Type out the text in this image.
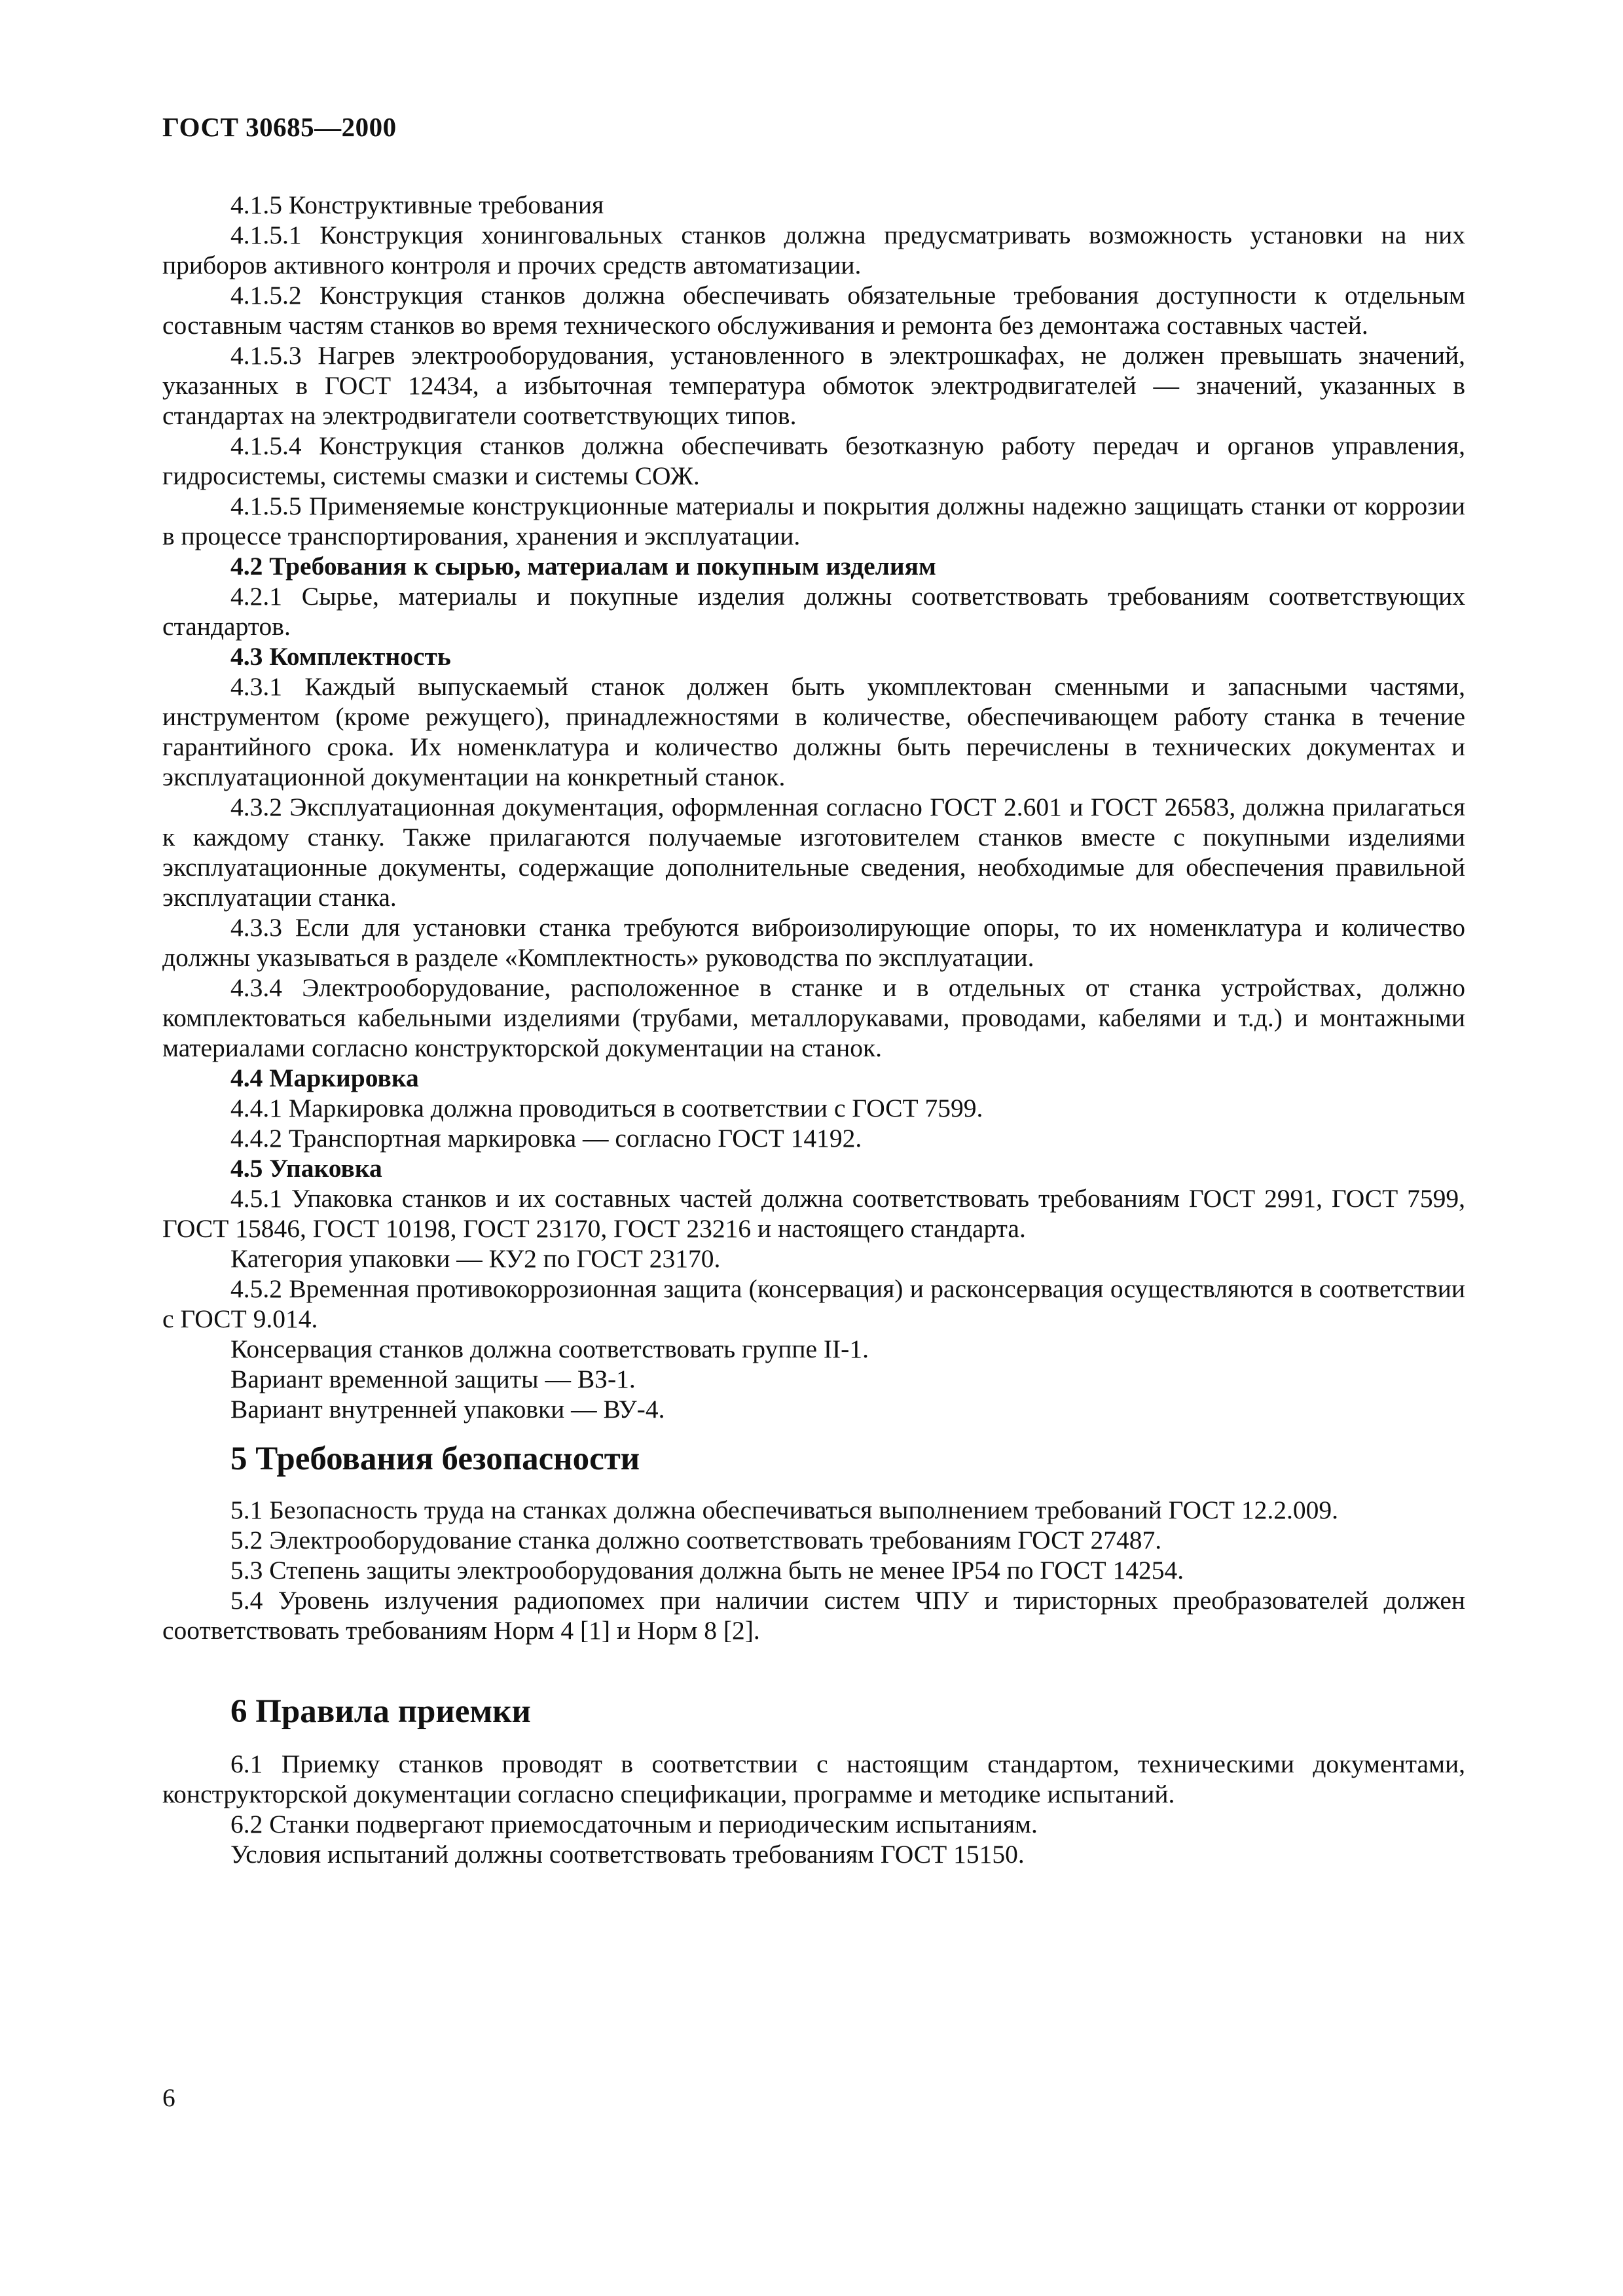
ГОСТ 30685—2000

4.1.5 Конструктивные требования

4.1.5.1 Конструкция хонинговальных станков должна предусматривать возможность установки на них приборов активного контроля и прочих средств автоматизации.

4.1.5.2 Конструкция станков должна обеспечивать обязательные требования доступности к отдельным составным частям станков во время технического обслуживания и ремонта без демонтажа составных частей.

4.1.5.3 Нагрев электрооборудования, установленного в электрошкафах, не должен превышать значений, указанных в ГОСТ 12434, а избыточная температура обмоток электродвигателей — значений, указанных в стандартах на электродвигатели соответствующих типов.

4.1.5.4 Конструкция станков должна обеспечивать безотказную работу передач и органов управления, гидросистемы, системы смазки и системы СОЖ.

4.1.5.5 Применяемые конструкционные материалы и покрытия должны надежно защищать станки от коррозии в процессе транспортирования, хранения и эксплуатации.

4.2 Требования к сырью, материалам и покупным изделиям

4.2.1 Сырье, материалы и покупные изделия должны соответствовать требованиям соответствующих стандартов.

4.3 Комплектность

4.3.1 Каждый выпускаемый станок должен быть укомплектован сменными и запасными частями, инструментом (кроме режущего), принадлежностями в количестве, обеспечивающем работу станка в течение гарантийного срока. Их номенклатура и количество должны быть перечислены в технических документах и эксплуатационной документации на конкретный станок.

4.3.2 Эксплуатационная документация, оформленная согласно ГОСТ 2.601 и ГОСТ 26583, должна прилагаться к каждому станку. Также прилагаются получаемые изготовителем станков вместе с покупными изделиями эксплуатационные документы, содержащие дополнительные сведения, необходимые для обеспечения правильной эксплуатации станка.

4.3.3 Если для установки станка требуются виброизолирующие опоры, то их номенклатура и количество должны указываться в разделе «Комплектность» руководства по эксплуатации.

4.3.4 Электрооборудование, расположенное в станке и в отдельных от станка устройствах, должно комплектоваться кабельными изделиями (трубами, металлорукавами, проводами, кабелями и т.д.) и монтажными материалами согласно конструкторской документации на станок.

4.4 Маркировка

4.4.1 Маркировка должна проводиться в соответствии с ГОСТ 7599.

4.4.2 Транспортная маркировка — согласно ГОСТ 14192.

4.5 Упаковка

4.5.1 Упаковка станков и их составных частей должна соответствовать требованиям ГОСТ 2991, ГОСТ 7599, ГОСТ 15846, ГОСТ 10198, ГОСТ 23170, ГОСТ 23216 и настоящего стандарта.

Категория упаковки — КУ2 по ГОСТ 23170.

4.5.2 Временная противокоррозионная защита (консервация) и расконсервация осуществляются в соответствии с ГОСТ 9.014.

Консервация станков должна соответствовать группе II-1.

Вариант временной защиты — ВЗ-1.

Вариант внутренней упаковки — ВУ-4.

5 Требования безопасности

5.1 Безопасность труда на станках должна обеспечиваться выполнением требований ГОСТ 12.2.009.

5.2 Электрооборудование станка должно соответствовать требованиям ГОСТ 27487.

5.3 Степень защиты электрооборудования должна быть не менее IP54 по ГОСТ 14254.

5.4 Уровень излучения радиопомех при наличии систем ЧПУ и тиристорных преобразователей должен соответствовать требованиям Норм 4 [1] и Норм 8 [2].

6 Правила приемки

6.1 Приемку станков проводят в соответствии с настоящим стандартом, техническими документами, конструкторской документации согласно спецификации, программе и методике испытаний.

6.2 Станки подвергают приемосдаточным и периодическим испытаниям.

Условия испытаний должны соответствовать требованиям ГОСТ 15150.

6
